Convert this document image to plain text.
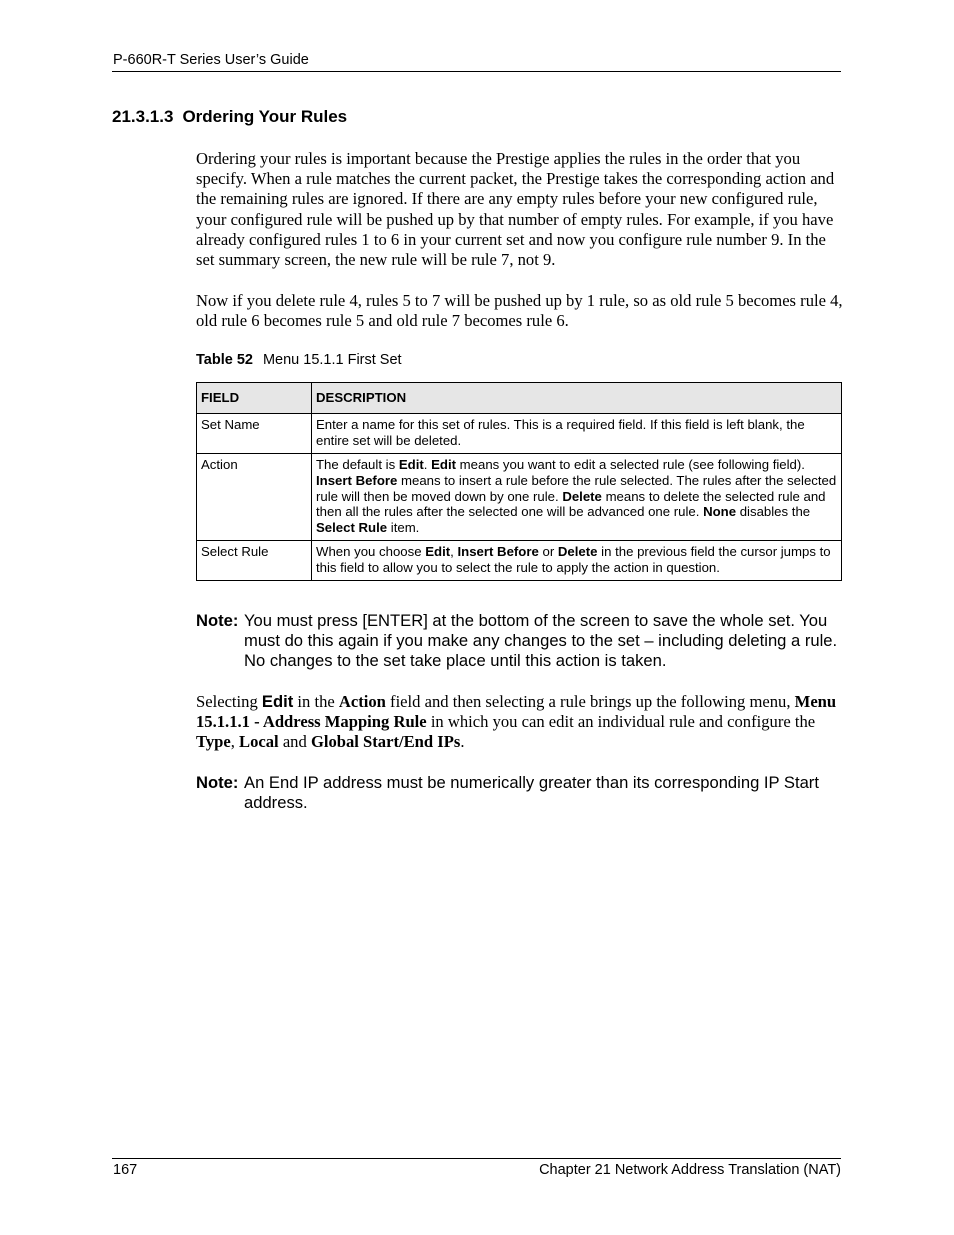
P-660R-T Series User’s Guide
21.3.1.3 Ordering Your Rules
Ordering your rules is important because the Prestige applies the rules in the order that you specify. When a rule matches the current packet, the Prestige takes the corresponding action and the remaining rules are ignored. If there are any empty rules before your new configured rule, your configured rule will be pushed up by that number of empty rules. For example, if you have already configured rules 1 to 6 in your current set and now you configure rule number 9. In the set summary screen, the new rule will be rule 7, not 9.
Now if you delete rule 4, rules 5 to 7 will be pushed up by 1 rule, so as old rule 5 becomes rule 4, old rule 6 becomes rule 5 and old rule 7 becomes rule 6.
Table 52 Menu 15.1.1 First Set
FIELD	DESCRIPTION
Set Name	Enter a name for this set of rules. This is a required field. If this field is left blank, the entire set will be deleted.
Action	The default is Edit. Edit means you want to edit a selected rule (see following field). Insert Before means to insert a rule before the rule selected. The rules after the selected rule will then be moved down by one rule. Delete means to delete the selected rule and then all the rules after the selected one will be advanced one rule. None disables the Select Rule item.
Select Rule	When you choose Edit, Insert Before or Delete in the previous field the cursor jumps to this field to allow you to select the rule to apply the action in question.
Note: You must press [ENTER] at the bottom of the screen to save the whole set. You must do this again if you make any changes to the set – including deleting a rule. No changes to the set take place until this action is taken.
Selecting Edit in the Action field and then selecting a rule brings up the following menu, Menu 15.1.1.1 - Address Mapping Rule in which you can edit an individual rule and configure the Type, Local and Global Start/End IPs.
Note: An End IP address must be numerically greater than its corresponding IP Start address.
167	Chapter 21 Network Address Translation (NAT)
